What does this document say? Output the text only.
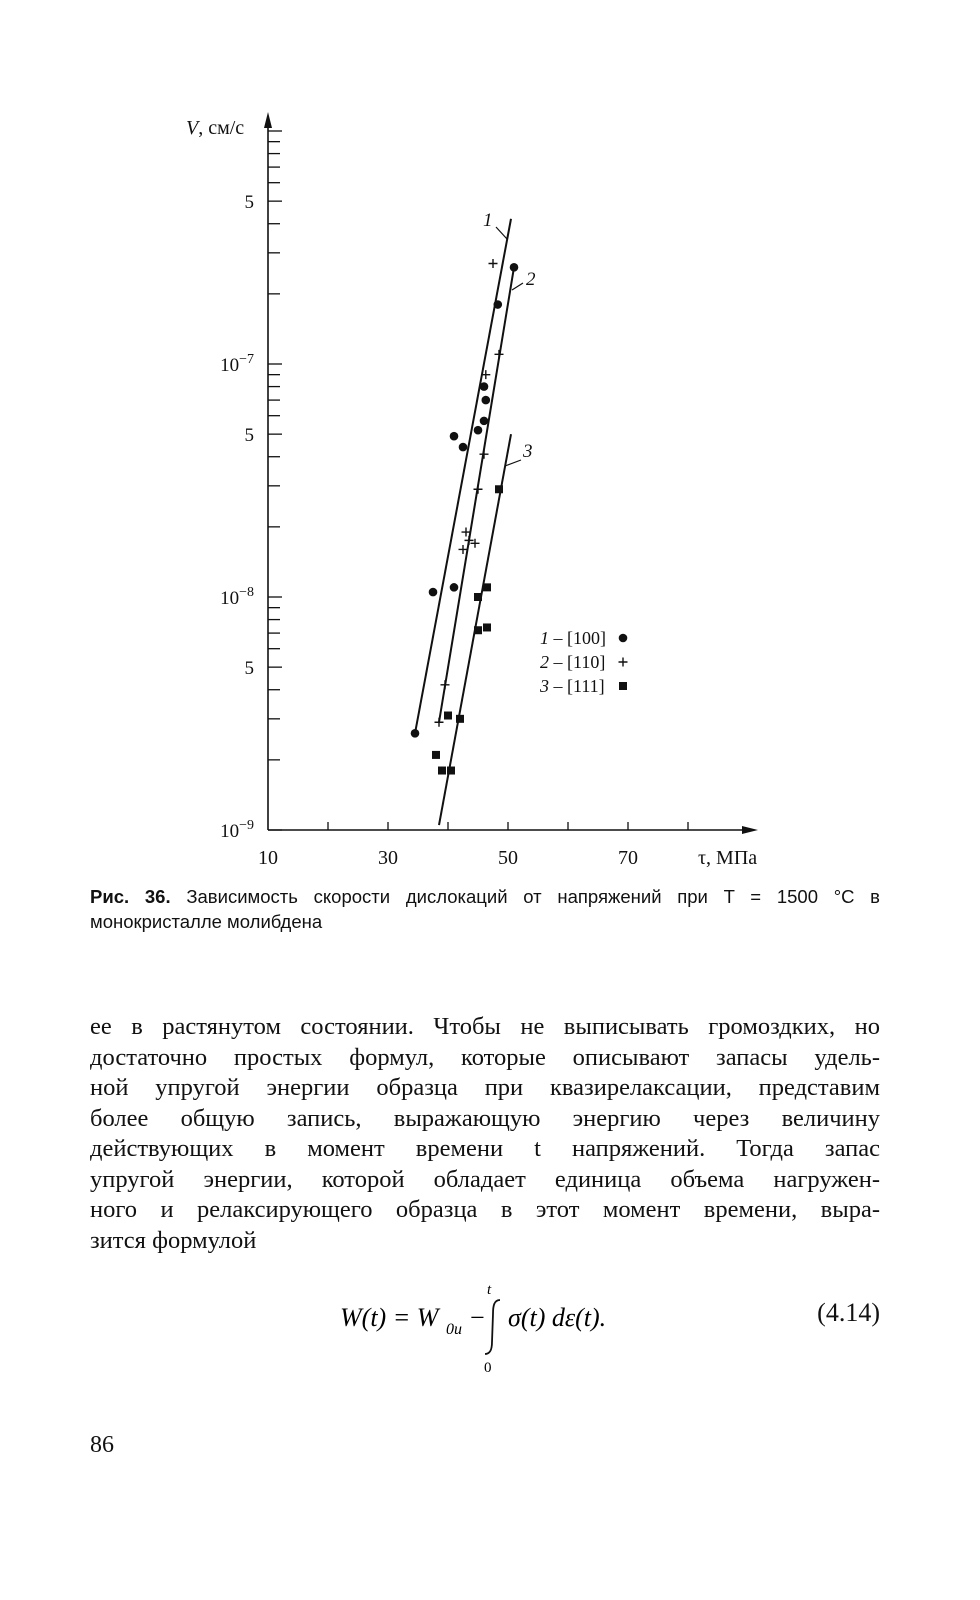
5
$10^{-7}$
5
$10^{-8}$
5
$10^{-9}$
10	30	50	70
V, см/с
τ, МПа
1
2
3
1 – [100]
2 – [110]
3 – [111]
Рис. 36. Зависимость скорости дислокаций от напряжений при T = 1500 °C в монокристалле молибдена
ее в растянутом состоянии. Чтобы не выписывать громоздких, но
достаточно простых формул, которые описывают запасы удель-
ной упругой энергии образца при квазирелаксации, представим
более общую запись, выражающую энергию через величину
действующих в момент времени t напряжений. Тогда запас
упругой энергии, которой обладает единица объема нагружен-
ного и релаксирующего образца в этот момент времени, выра-
зится формулой
W(t) = W 0u −
t
0
σ(t) dε(t).	(4.14)
86
